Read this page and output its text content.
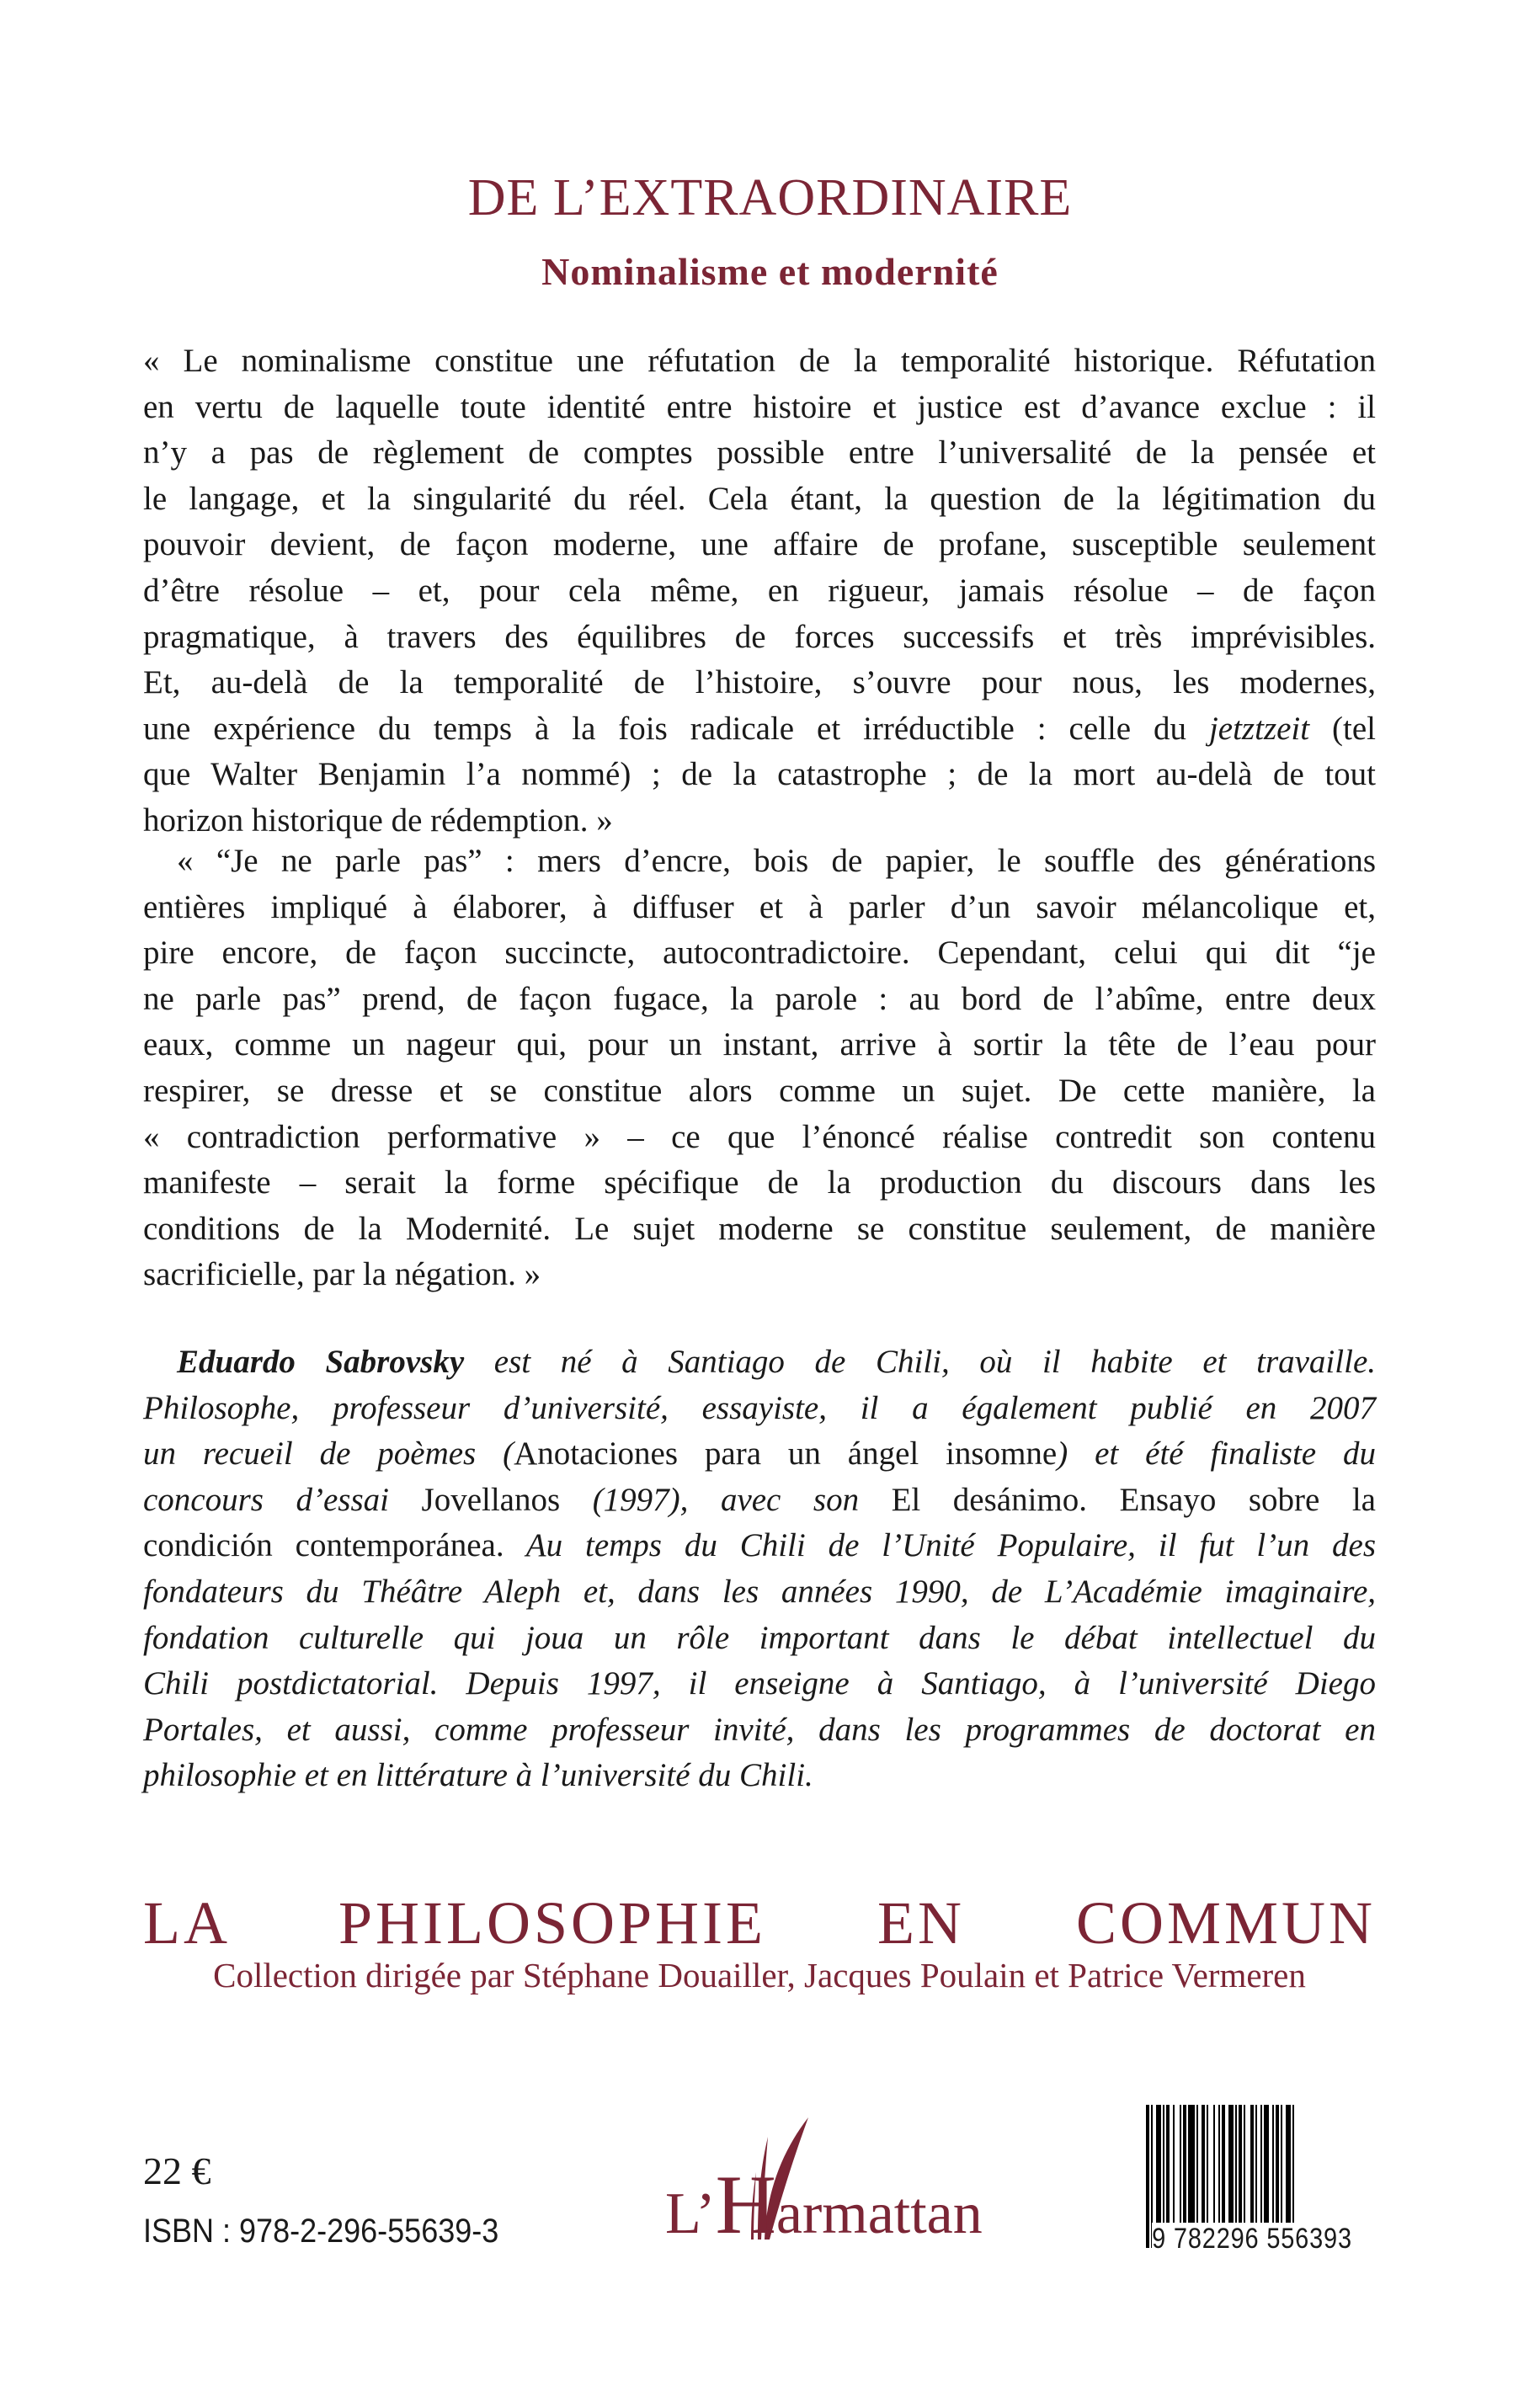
DE L’EXTRAORDINAIRE
Nominalisme et modernité
« Le nominalisme constitue une réfutation de la temporalité historique. Réfutation
en vertu de laquelle toute identité entre histoire et justice est d’avance exclue : il
n’y a pas de règlement de comptes possible entre l’universalité de la pensée et
le langage, et la singularité du réel. Cela étant, la question de la légitimation du
pouvoir devient, de façon moderne, une affaire de profane, susceptible seulement
d’être résolue – et, pour cela même, en rigueur, jamais résolue – de façon
pragmatique, à travers des équilibres de forces successifs et très imprévisibles.
Et, au-delà de la temporalité de l’histoire, s’ouvre pour nous, les modernes,
une expérience du temps à la fois radicale et irréductible : celle du jetztzeit (tel
que Walter Benjamin l’a nommé) ; de la catastrophe ; de la mort au-delà de tout
horizon historique de rédemption. »
« “Je ne parle pas” : mers d’encre, bois de papier, le souffle des générations
entières impliqué à élaborer, à diffuser et à parler d’un savoir mélancolique et,
pire encore, de façon succincte, autocontradictoire. Cependant, celui qui dit “je
ne parle pas” prend, de façon fugace, la parole : au bord de l’abîme, entre deux
eaux, comme un nageur qui, pour un instant, arrive à sortir la tête de l’eau pour
respirer, se dresse et se constitue alors comme un sujet. De cette manière, la
« contradiction performative » – ce que l’énoncé réalise contredit son contenu
manifeste – serait la forme spécifique de la production du discours dans les
conditions de la Modernité. Le sujet moderne se constitue seulement, de manière
sacrificielle, par la négation. »
Eduardo Sabrovsky est né à Santiago de Chili, où il habite et travaille.
Philosophe, professeur d’université, essayiste, il a également publié en 2007
un recueil de poèmes (Anotaciones para un ángel insomne) et été finaliste du
concours d’essai Jovellanos (1997), avec son El desánimo. Ensayo sobre la
condición contemporánea. Au temps du Chili de l’Unité Populaire, il fut l’un des
fondateurs du Théâtre Aleph et, dans les années 1990, de L’Académie imaginaire,
fondation culturelle qui joua un rôle important dans le débat intellectuel du
Chili postdictatorial. Depuis 1997, il enseigne à Santiago, à l’université Diego
Portales, et aussi, comme professeur invité, dans les programmes de doctorat en
philosophie et en littérature à l’université du Chili.
LA PHILOSOPHIE EN COMMUN
Collection dirigée par Stéphane Douailler, Jacques Poulain et Patrice Vermeren
22 €
ISBN : 978-2-296-55639-3	L’Harmattan	9 782296 556393
